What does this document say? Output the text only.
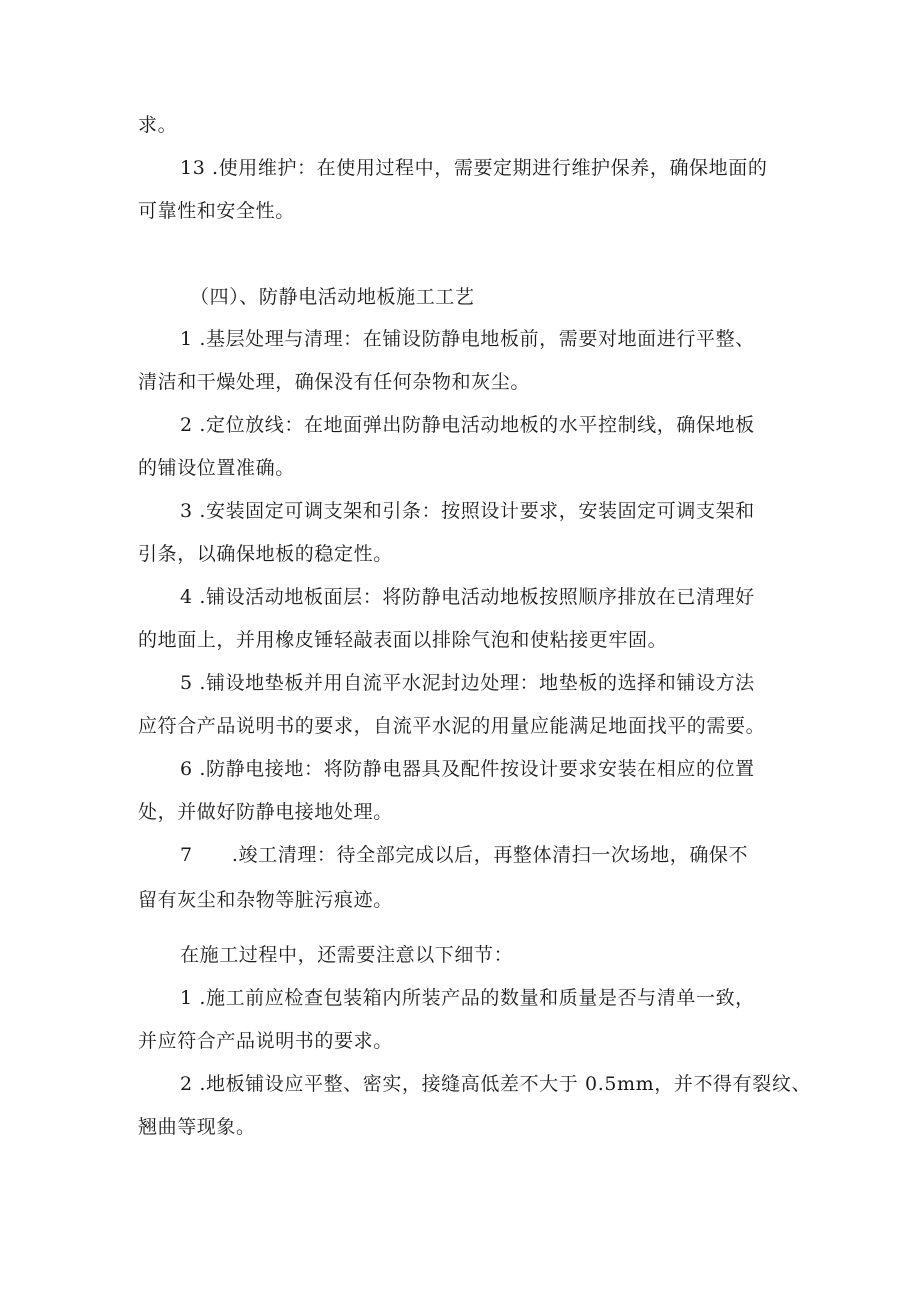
求。
13 .使用维护：在使用过程中，需要定期进行维护保养，确保地面的
可靠性和安全性。
（四）、防静电活动地板施工工艺
1 .基层处理与清理：在铺设防静电地板前，需要对地面进行平整、
清洁和干燥处理，确保没有任何杂物和灰尘。
2 .定位放线：在地面弹出防静电活动地板的水平控制线，确保地板
的铺设位置准确。
3 .安装固定可调支架和引条：按照设计要求，安装固定可调支架和
引条，以确保地板的稳定性。
4 .铺设活动地板面层：将防静电活动地板按照顺序排放在已清理好
的地面上，并用橡皮锤轻敲表面以排除气泡和使粘接更牢固。
5 .铺设地垫板并用自流平水泥封边处理：地垫板的选择和铺设方法
应符合产品说明书的要求，自流平水泥的用量应能满足地面找平的需要。
6 .防静电接地：将防静电器具及配件按设计要求安装在相应的位置
处，并做好防静电接地处理。
7　　.竣工清理：待全部完成以后，再整体清扫一次场地，确保不
留有灰尘和杂物等脏污痕迹。
在施工过程中，还需要注意以下细节：
1 .施工前应检查包装箱内所装产品的数量和质量是否与清单一致，
并应符合产品说明书的要求。
2 .地板铺设应平整、密实，接缝高低差不大于 0.5mm，并不得有裂纹、
翘曲等现象。
